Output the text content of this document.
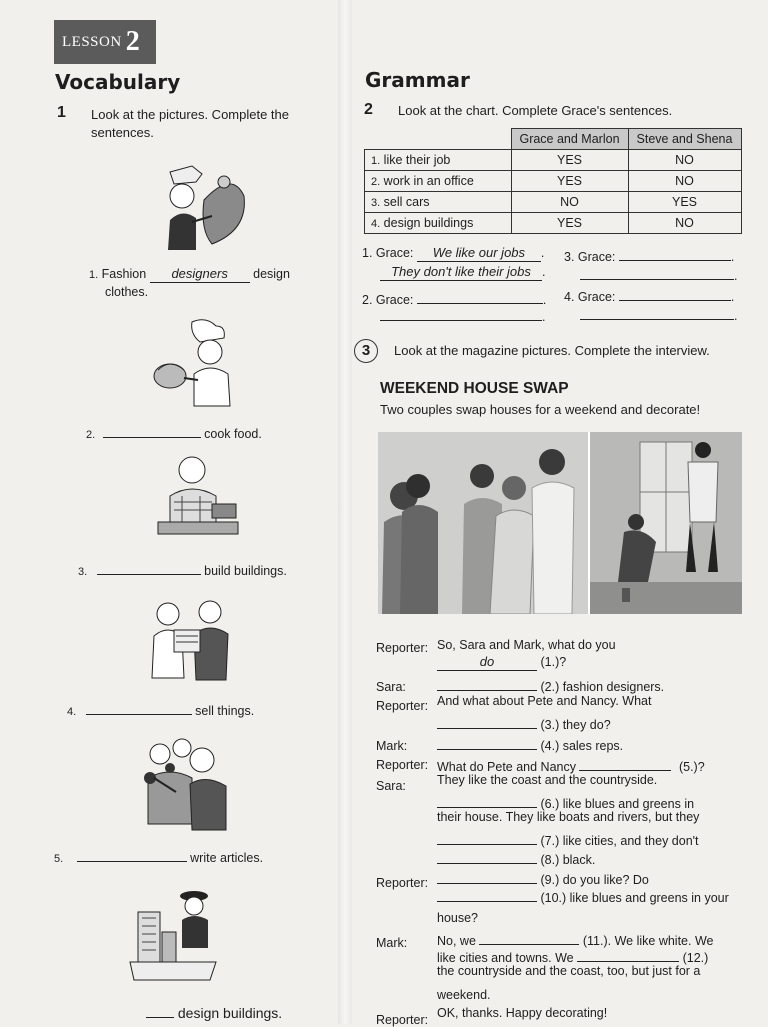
LESSON 2
Vocabulary
1 Look at the pictures. Complete the
sentences.
1. Fashion designers design
clothes.
2.	cook food.
3.	build buildings.
4.	sell things.
5.	write articles.
design buildings.
Grammar
2 Look at the chart. Complete Grace's sentences.
	Grace and Marlon	Steve and Shena
1. like their job	YES	NO
2. work in an office	YES	NO
3. sell cars	NO	YES
4. design buildings	YES	NO
1. Grace: We like our jobs .
They don't like their jobs .
2. Grace:	.
.
3. Grace:	.
.
4. Grace:	.
.
3	Look at the magazine pictures. Complete the interview.
WEEKEND HOUSE SWAP
Two couples swap houses for a weekend and decorate!
Reporter: So, Sara and Mark, what do you
do	(1.)?
Sara:	(2.) fashion designers.
Reporter: And what about Pete and Nancy. What
(3.) they do?
Mark:	(4.) sales reps.
Reporter: What do Pete and Nancy	(5.)?
Sara: They like the coast and the countryside.
(6.) like blues and greens in
their house. They like boats and rivers, but they
(7.) like cities, and they don't
(8.) black.
Reporter:	(9.) do you like? Do
(10.) like blues and greens in your
house?
Mark: No, we	(11.). We like white. We
like cities and towns. We	(12.)
the countryside and the coast, too, but just for a
weekend.
Reporter: OK, thanks. Happy decorating!
